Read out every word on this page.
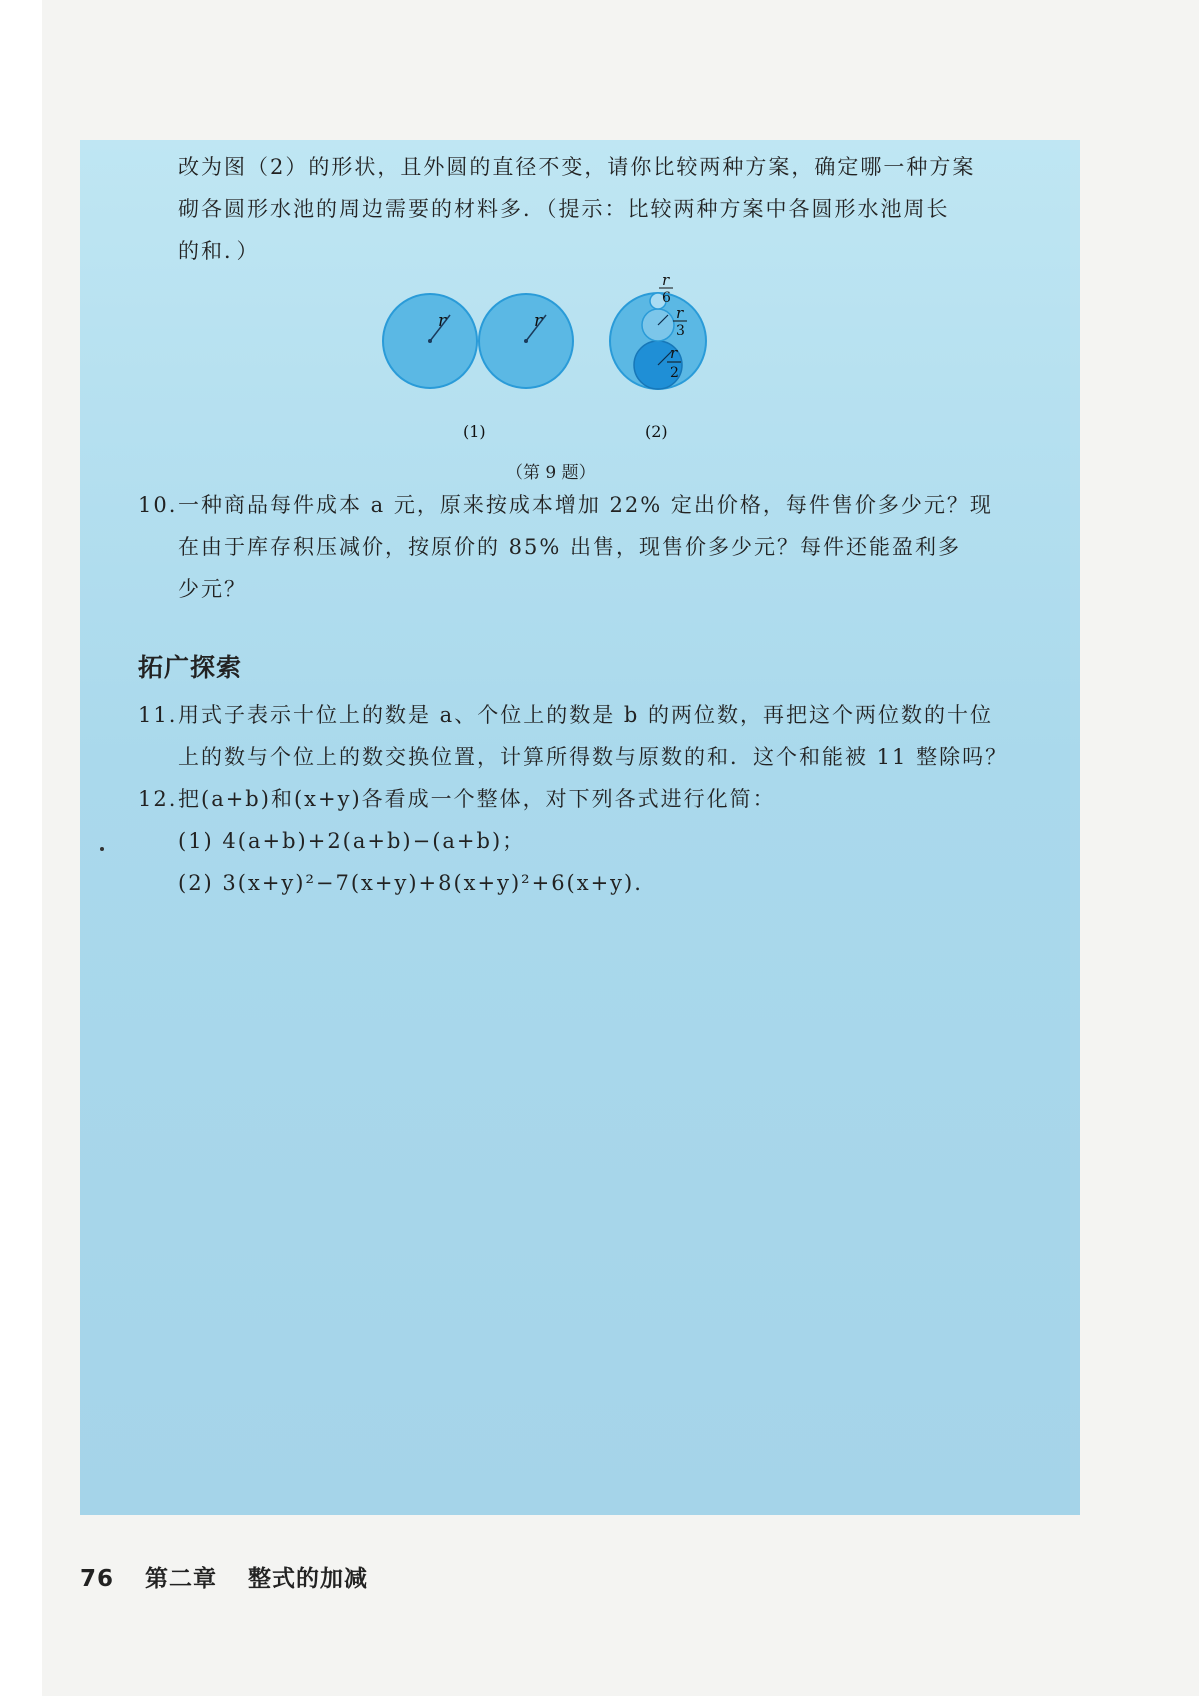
改为图（2）的形状，且外圆的直径不变，请你比较两种方案，确定哪一种方案
砌各圆形水池的周边需要的材料多．（提示：比较两种方案中各圆形水池周长
的和．）
r	r
r
6
r
3
r
2
(1)	(2)
（第 9 题）
10. 一种商品每件成本 a 元，原来按成本增加 22% 定出价格，每件售价多少元？现
在由于库存积压减价，按原价的 85% 出售，现售价多少元？每件还能盈利多
少元？
拓广探索
11. 用式子表示十位上的数是 a、个位上的数是 b 的两位数，再把这个两位数的十位
上的数与个位上的数交换位置，计算所得数与原数的和．这个和能被 11 整除吗？
12. 把(a+b)和(x+y)各看成一个整体，对下列各式进行化简：
(1) 4(a+b)+2(a+b)−(a+b)；
(2) 3(x+y)²−7(x+y)+8(x+y)²+6(x+y).
76 第二章 整式的加减
